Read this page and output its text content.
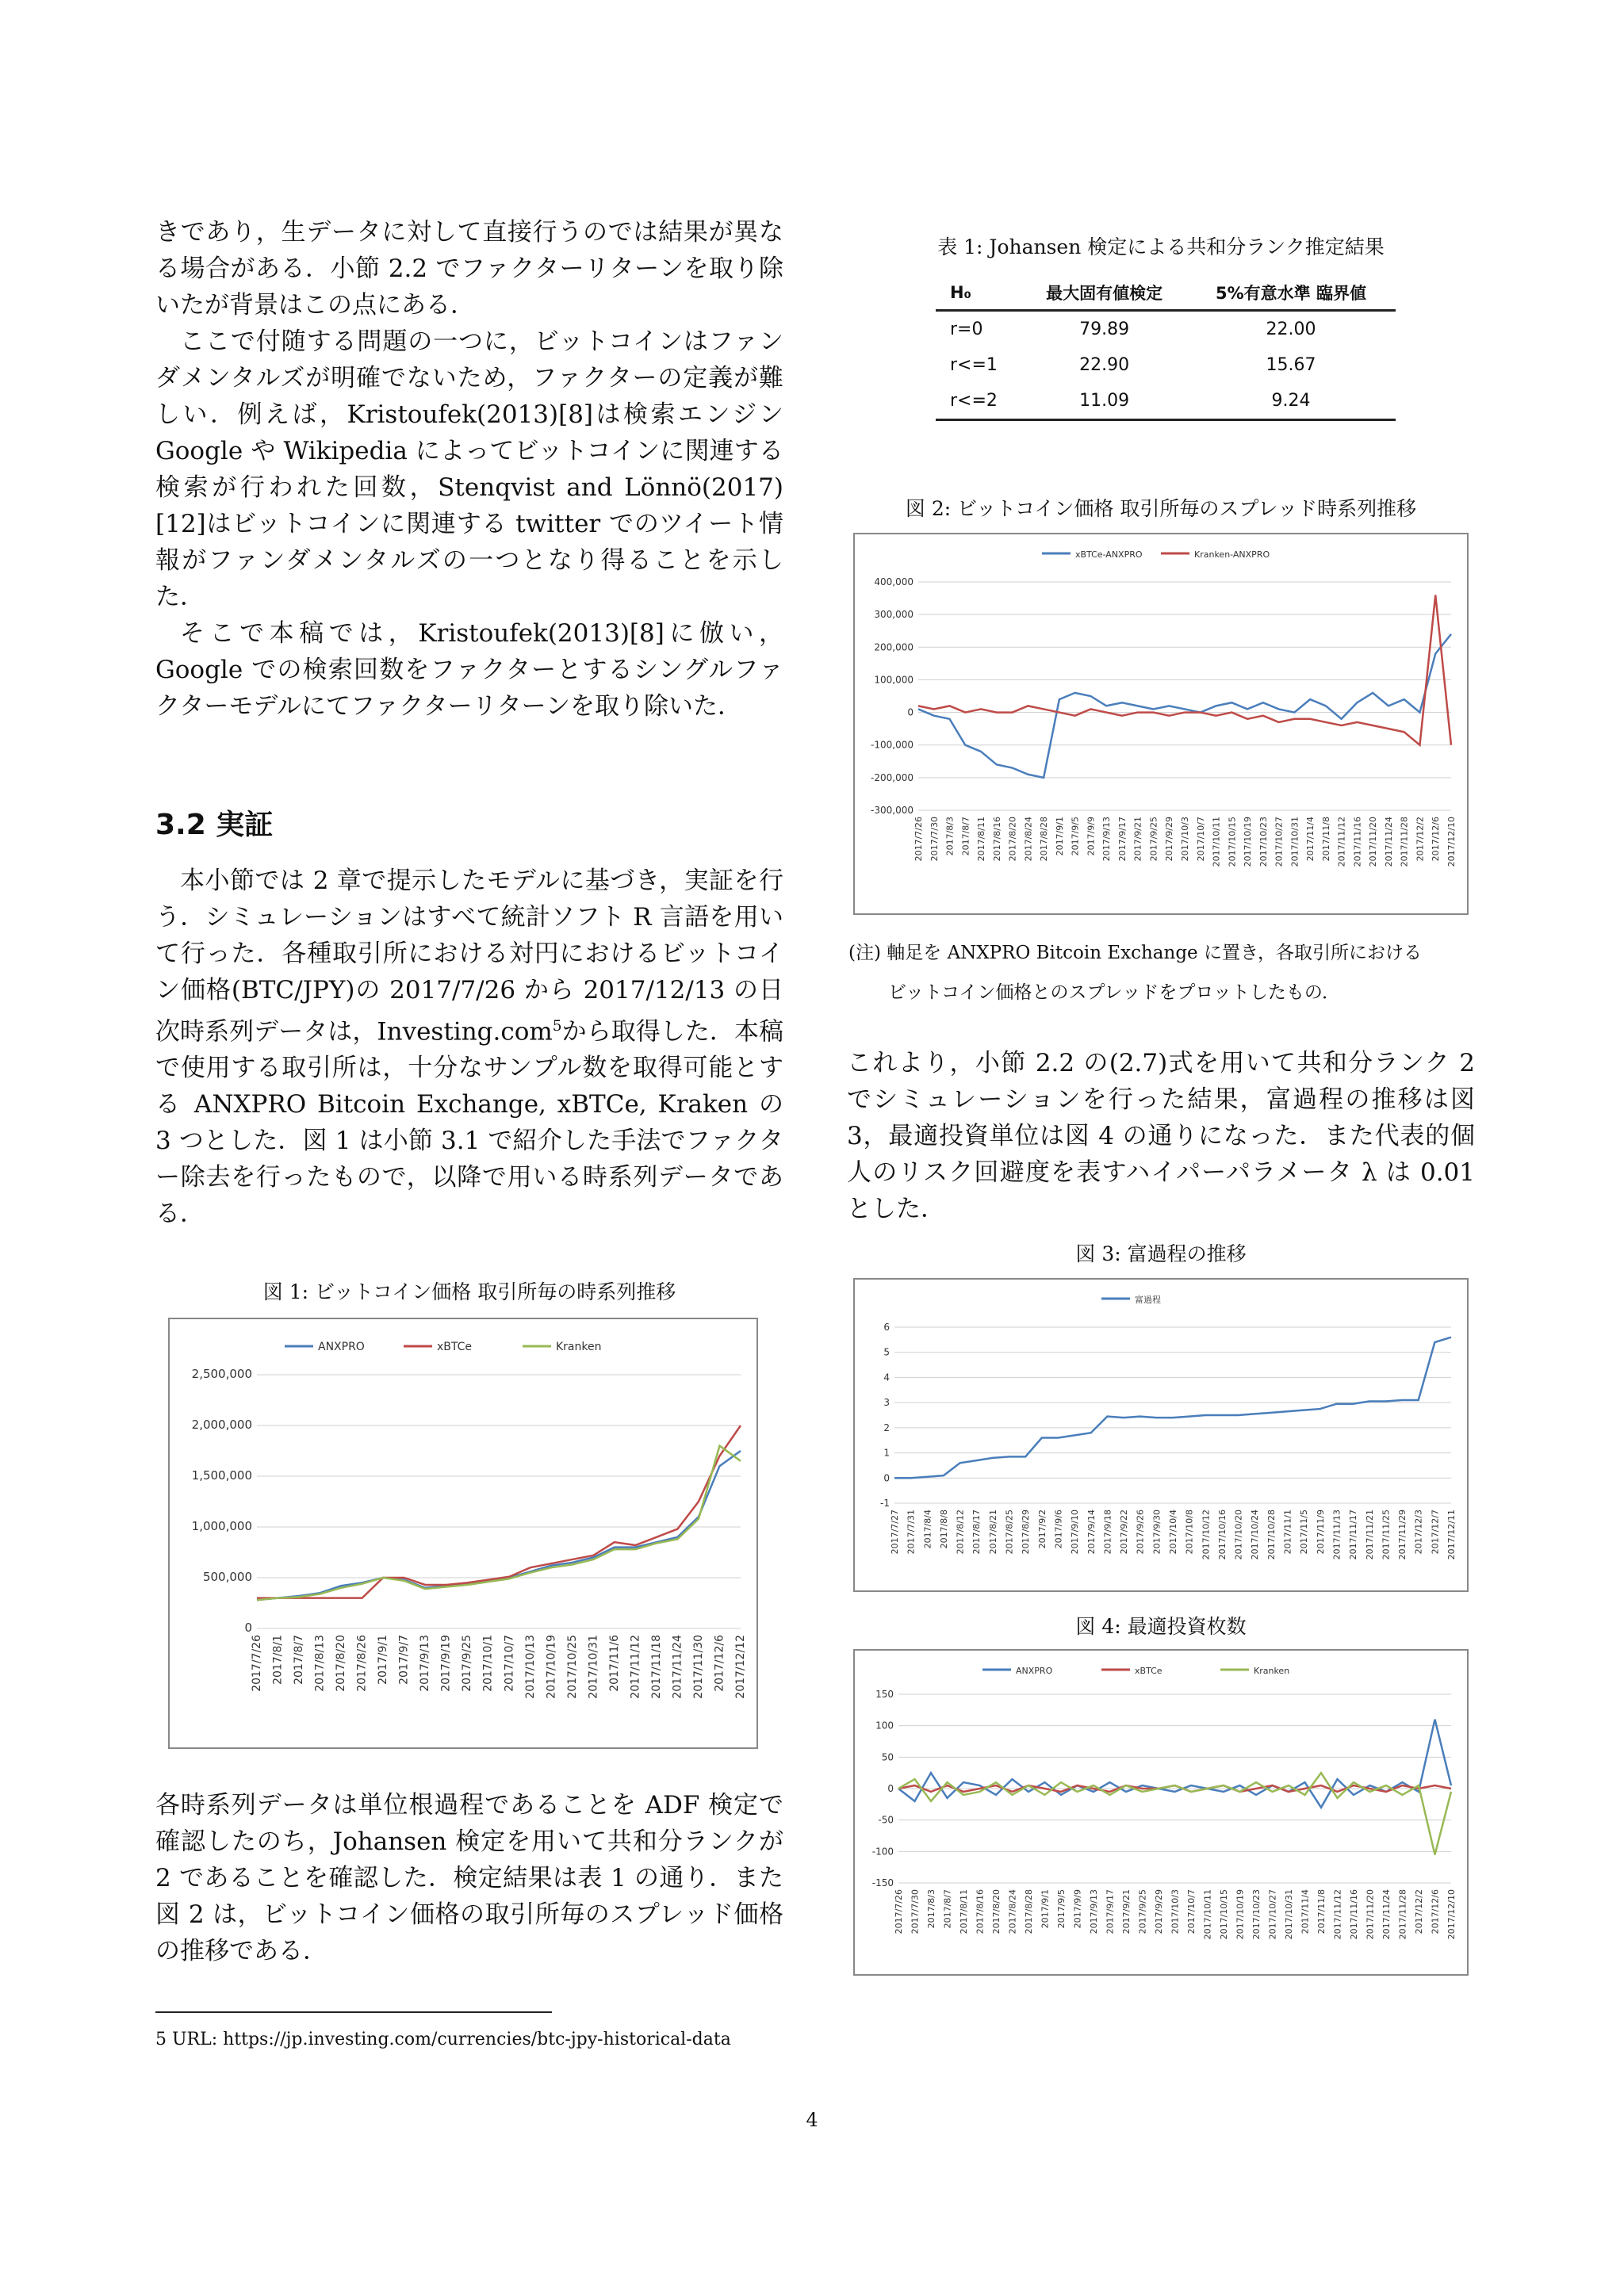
きであり，生データに対して直接行うのでは結果が異なる場合がある．小節 2.2 でファクターリターンを取り除いたが背景はこの点にある．

ここで付随する問題の一つに，ビットコインはファンダメンタルズが明確でないため，ファクターの定義が難しい．例えば，Kristoufek(2013)[8]は検索エンジン Google や Wikipedia によってビットコインに関連する検索が行われた回数，Stenqvist and Lönnö(2017)[12]はビットコインに関連する twitter でのツイート情報がファンダメンタルズの一つとなり得ることを示した．

そこで本稿では，Kristoufek(2013)[8]に倣い，Google での検索回数をファクターとするシングルファクターモデルにてファクターリターンを取り除いた．

3.2 実証

本小節では 2 章で提示したモデルに基づき，実証を行う．シミュレーションはすべて統計ソフト R 言語を用いて行った．各種取引所における対円におけるビットコイン価格(BTC/JPY)の 2017/7/26 から 2017/12/13 の日次時系列データは，Investing.com$^5$から取得した．本稿で使用する取引所は，十分なサンプル数を取得可能とする ANXPRO Bitcoin Exchange, xBTCe, Kraken の 3 つとした．図 1 は小節 3.1 で紹介した手法でファクター除去を行ったもので，以降で用いる時系列データである．

図 1: ビットコイン価格 取引所毎の時系列推移
0
500,000
1,000,000
1,500,000
2,000,000
2,500,000
2017/7/26 2017/8/1 2017/8/7 2017/8/13 2017/8/20 2017/8/26 2017/9/1 2017/9/7 2017/9/13 2017/9/19 2017/9/25 2017/10/1 2017/10/7 2017/10/13 2017/10/19 2017/10/25 2017/10/31 2017/11/6 2017/11/12 2017/11/18 2017/11/24 2017/11/30 2017/12/6 2017/12/12
ANXPRO	xBTCe	Kranken

各時系列データは単位根過程であることを ADF 検定で確認したのち，Johansen 検定を用いて共和分ランクが 2 であることを確認した．検定結果は表 1 の通り．また図 2 は，ビットコイン価格の取引所毎のスプレッド価格の推移である．

5 URL: https://jp.investing.com/currencies/btc-jpy-historical-data
表 1: Johansen 検定による共和分ランク推定結果
H₀	最大固有値検定	5%有意水準 臨界値
r=0	79.89	22.00
r<=1	22.90	15.67
r<=2	11.09	9.24
図 2: ビットコイン価格 取引所毎のスプレッド時系列推移
-300,000
-200,000
-100,000
0
100,000
200,000
300,000
400,000
2017/7/26 2017/7/30 2017/8/3 2017/8/7 2017/8/11 2017/8/16 2017/8/20 2017/8/24 2017/8/28 2017/9/1 2017/9/5 2017/9/9 2017/9/13 2017/9/17 2017/9/21 2017/9/25 2017/9/29 2017/10/3 2017/10/7 2017/10/11 2017/10/15 2017/10/19 2017/10/23 2017/10/27 2017/10/31 2017/11/4 2017/11/8 2017/11/12 2017/11/16 2017/11/20 2017/11/24 2017/11/28 2017/12/2 2017/12/6 2017/12/10
xBTCe-ANXPRO	Kranken-ANXPRO
(注) 軸足を ANXPRO Bitcoin Exchange に置き，各取引所における
ビットコイン価格とのスプレッドをプロットしたもの．

これより，小節 2.2 の(2.7)式を用いて共和分ランク 2 でシミュレーションを行った結果，富過程の推移は図 3，最適投資単位は図 4 の通りになった．また代表的個人のリスク回避度を表すハイパーパラメータ λ は 0.01 とした．

図 3: 富過程の推移
-1
0
1
2
3
4
5
6
2017/7/27 2017/7/31 2017/8/4 2017/8/8 2017/8/12 2017/8/17 2017/8/21 2017/8/25 2017/8/29 2017/9/2 2017/9/6 2017/9/10 2017/9/14 2017/9/18 2017/9/22 2017/9/26 2017/9/30 2017/10/4 2017/10/8 2017/10/12 2017/10/16 2017/10/20 2017/10/24 2017/10/28 2017/11/1 2017/11/5 2017/11/9 2017/11/13 2017/11/17 2017/11/21 2017/11/25 2017/11/29 2017/12/3 2017/12/7 2017/12/11
富過程
図 4: 最適投資枚数
-150
-100
-50
0
50
100
150
2017/7/26 2017/7/30 2017/8/3 2017/8/7 2017/8/11 2017/8/16 2017/8/20 2017/8/24 2017/8/28 2017/9/1 2017/9/5 2017/9/9 2017/9/13 2017/9/17 2017/9/21 2017/9/25 2017/9/29 2017/10/3 2017/10/7 2017/10/11 2017/10/15 2017/10/19 2017/10/23 2017/10/27 2017/10/31 2017/11/4 2017/11/8 2017/11/12 2017/11/16 2017/11/20 2017/11/24 2017/11/28 2017/12/2 2017/12/6 2017/12/10
ANXPRO	xBTCe	Kranken
4
